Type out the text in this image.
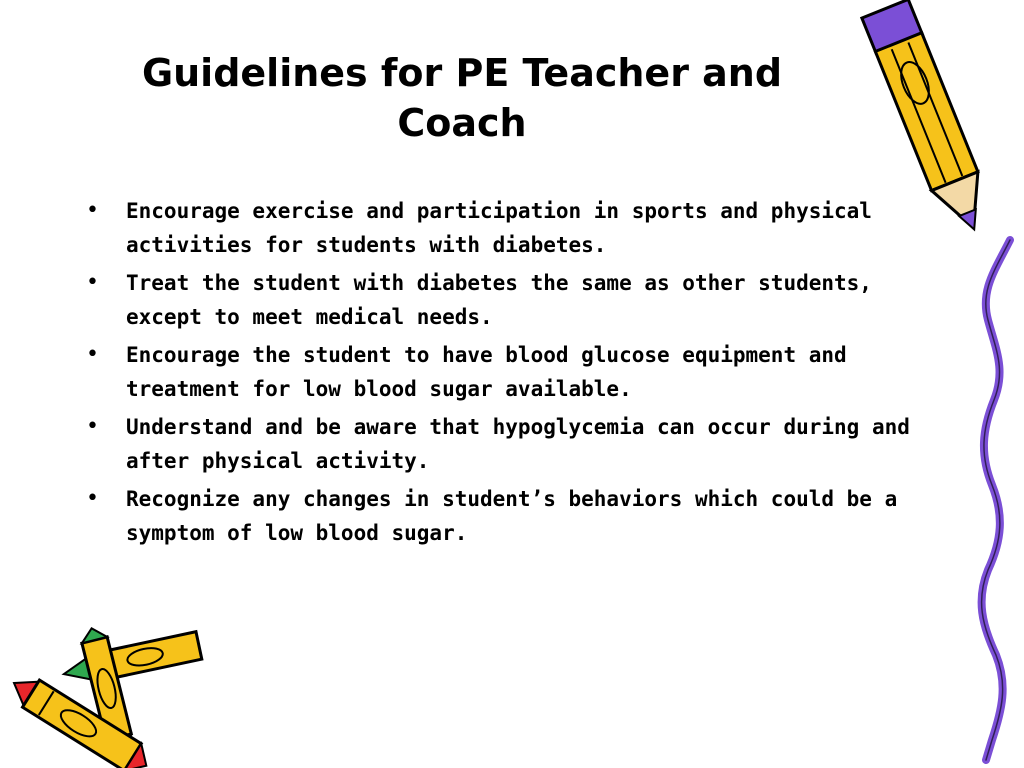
Guidelines for PE Teacher and Coach
• Encourage exercise and participation in sports and physical activities for students with diabetes.
• Treat the student with diabetes the same as other students, except to meet medical needs.
• Encourage the student to have blood glucose equipment and treatment for low blood sugar available.
• Understand and be aware that hypoglycemia can occur during and after physical activity.
• Recognize any changes in student’s behaviors which could be a symptom of low blood sugar.
